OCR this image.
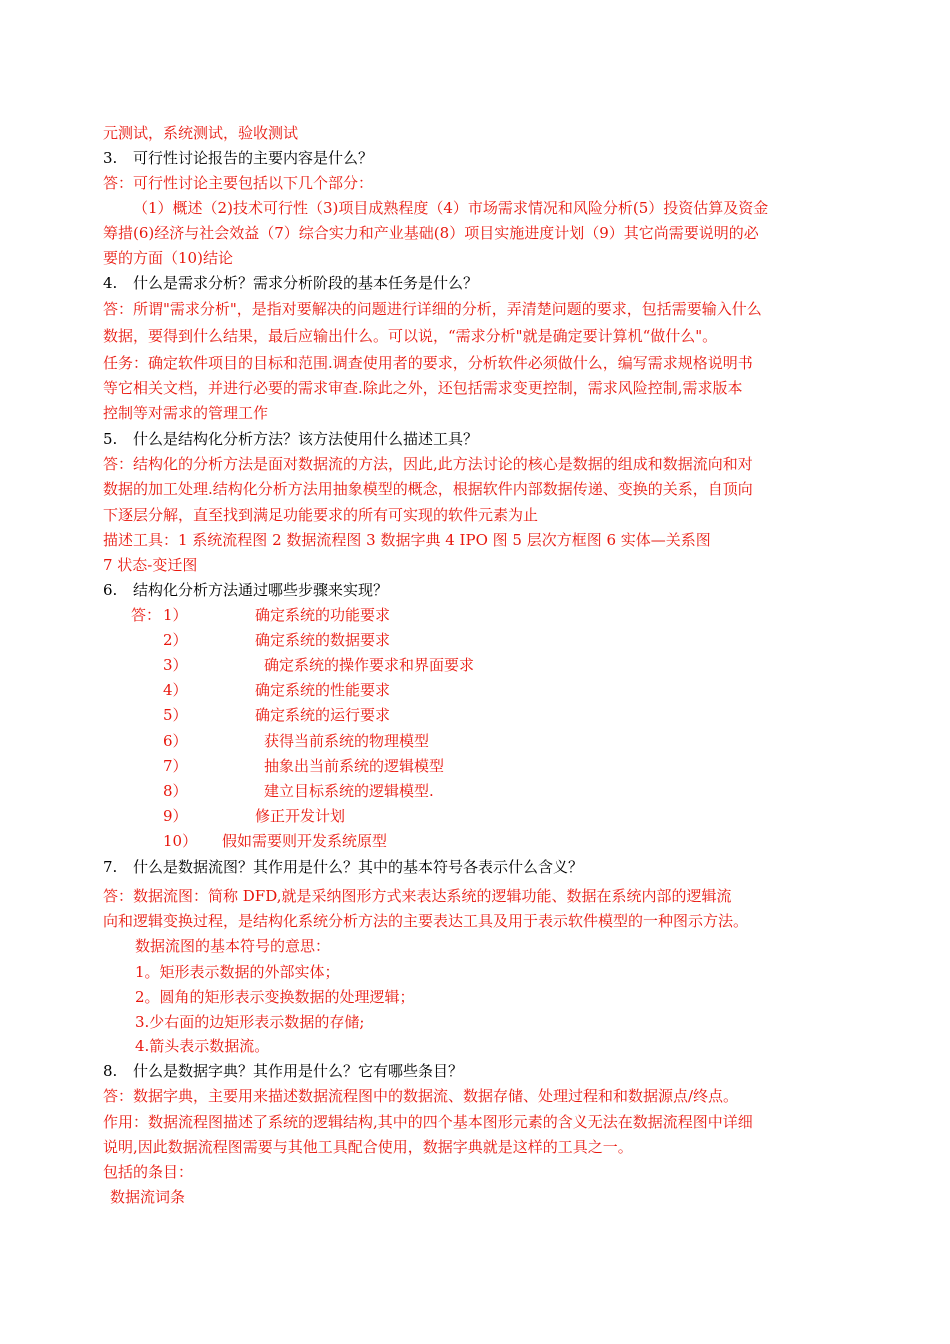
元测试，系统测试，验收测试
3. 可行性讨论报告的主要内容是什么？
答：可行性讨论主要包括以下几个部分：
（1）概述（2)技术可行性（3)项目成熟程度（4）市场需求情况和风险分析(5）投资估算及资金
筹措(6)经济与社会效益（7）综合实力和产业基础(8）项目实施进度计划（9）其它尚需要说明的必
要的方面（10)结论
4. 什么是需求分析？需求分析阶段的基本任务是什么？
答：所谓"需求分析"，是指对要解决的问题进行详细的分析，弄清楚问题的要求，包括需要输入什么
数据，要得到什么结果，最后应输出什么。可以说，“需求分析"就是确定要计算机“做什么"。
任务：确定软件项目的目标和范围.调查使用者的要求，分析软件必须做什么，编写需求规格说明书
等它相关文档，并进行必要的需求审查.除此之外，还包括需求变更控制，需求风险控制,需求版本
控制等对需求的管理工作
5. 什么是结构化分析方法？该方法使用什么描述工具？
答：结构化的分析方法是面对数据流的方法，因此,此方法讨论的核心是数据的组成和数据流向和对
数据的加工处理.结构化分析方法用抽象模型的概念，根据软件内部数据传递、变换的关系，自顶向
下逐层分解，直至找到满足功能要求的所有可实现的软件元素为止
描述工具：1 系统流程图 2 数据流程图 3 数据字典 4 IPO 图 5 层次方框图 6 实体—关系图
7 状态-变迁图
6. 结构化分析方法通过哪些步骤来实现？
答： 1）	确定系统的功能要求
2）	确定系统的数据要求
3）	确定系统的操作要求和界面要求
4）	确定系统的性能要求
5）	确定系统的运行要求
6）	获得当前系统的物理模型
7）	抽象出当前系统的逻辑模型
8）	建立目标系统的逻辑模型.
9）	修正开发计划
10） 假如需要则开发系统原型
7. 什么是数据流图？其作用是什么？其中的基本符号各表示什么含义？
答：数据流图：简称 DFD,就是采纳图形方式来表达系统的逻辑功能、数据在系统内部的逻辑流
向和逻辑变换过程，是结构化系统分析方法的主要表达工具及用于表示软件模型的一种图示方法。
数据流图的基本符号的意思：
1。矩形表示数据的外部实体；
2。圆角的矩形表示变换数据的处理逻辑；
3.少右面的边矩形表示数据的存储;
4.箭头表示数据流。
8. 什么是数据字典？其作用是什么？它有哪些条目？
答：数据字典，主要用来描述数据流程图中的数据流、数据存储、处理过程和和数据源点/终点。
作用：数据流程图描述了系统的逻辑结构,其中的四个基本图形元素的含义无法在数据流程图中详细
说明,因此数据流程图需要与其他工具配合使用，数据字典就是这样的工具之一。
包括的条目：
数据流词条
